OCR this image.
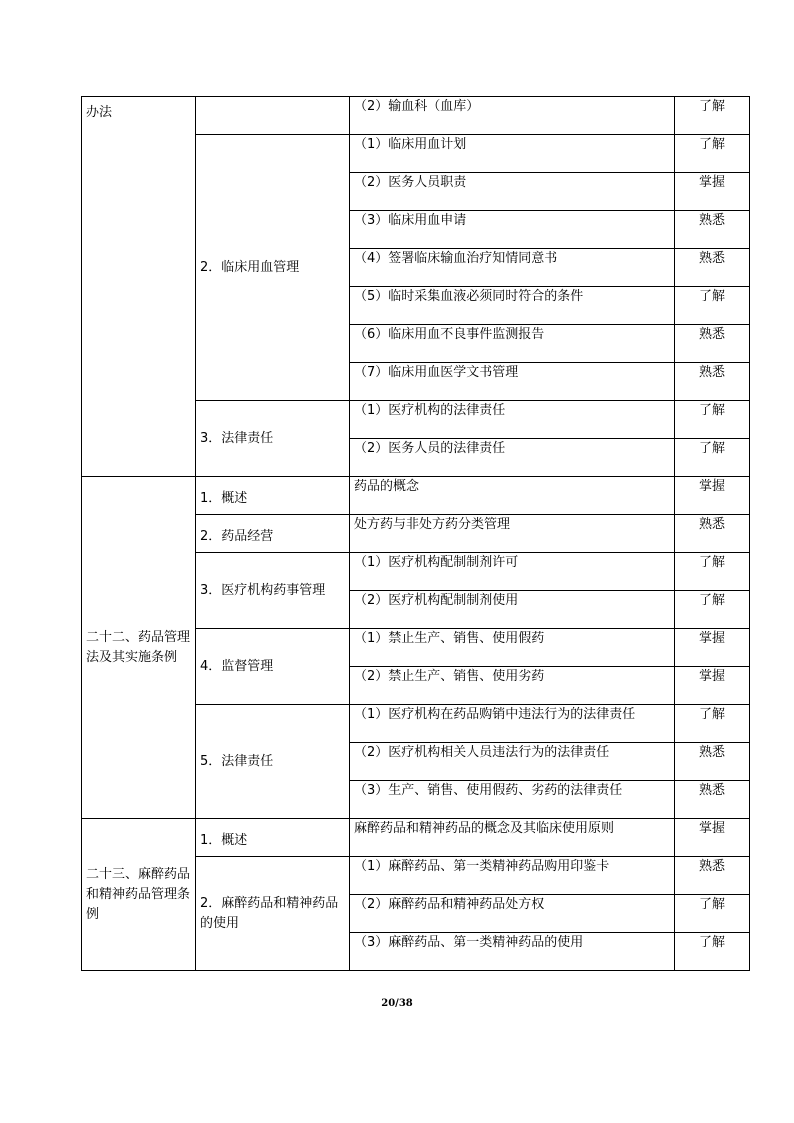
办法		（2）输血科（血库）	了解
	2．临床用血管理	（1）临床用血计划	了解
		（2）医务人员职责	掌握
		（3）临床用血申请	熟悉
		（4）签署临床输血治疗知情同意书	熟悉
		（5）临时采集血液必须同时符合的条件	了解
		（6）临床用血不良事件监测报告	熟悉
		（7）临床用血医学文书管理	熟悉
	3．法律责任	（1）医疗机构的法律责任	了解
		（2）医务人员的法律责任	了解
二十二、药品管理法及其实施条例	1．概述	药品的概念	掌握
	2．药品经营	处方药与非处方药分类管理	熟悉
	3．医疗机构药事管理	（1）医疗机构配制制剂许可	了解
		（2）医疗机构配制制剂使用	了解
	4．监督管理	（1）禁止生产、销售、使用假药	掌握
		（2）禁止生产、销售、使用劣药	掌握
	5．法律责任	（1）医疗机构在药品购销中违法行为的法律责任	了解
		（2）医疗机构相关人员违法行为的法律责任	熟悉
		（3）生产、销售、使用假药、劣药的法律责任	熟悉
二十三、麻醉药品和精神药品管理条例	1．概述	麻醉药品和精神药品的概念及其临床使用原则	掌握
	2．麻醉药品和精神药品的使用	（1）麻醉药品、第一类精神药品购用印鉴卡	熟悉
		（2）麻醉药品和精神药品处方权	了解
		（3）麻醉药品、第一类精神药品的使用	了解
20/38
